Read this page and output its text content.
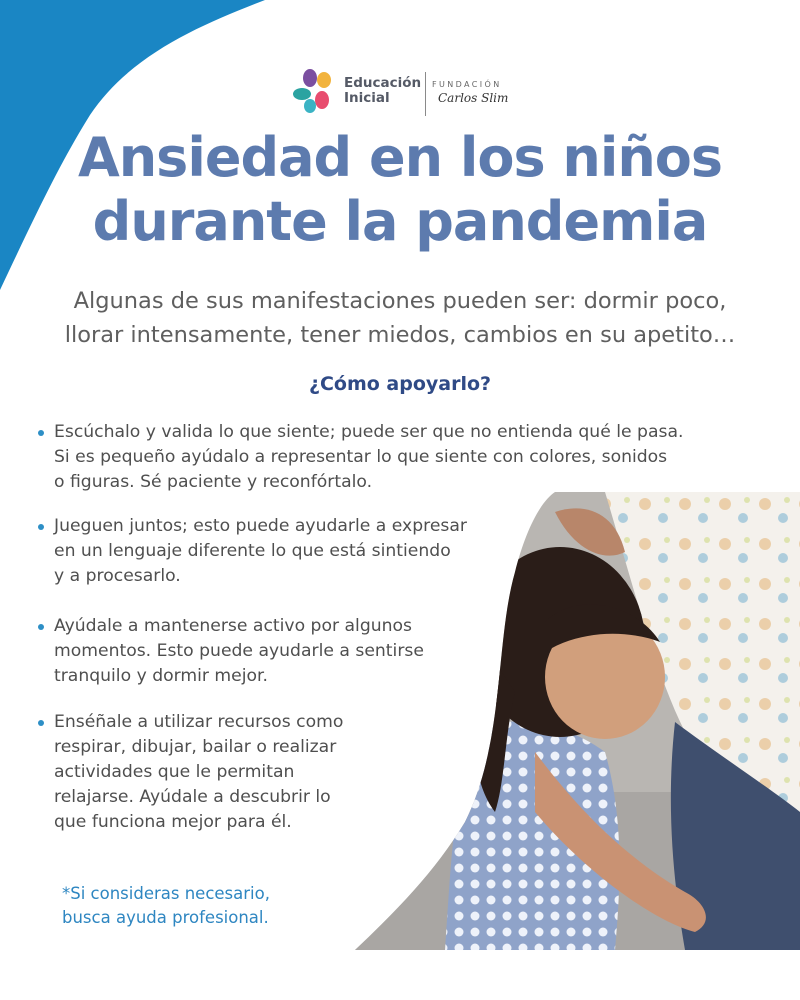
Educación
Inicial
FUNDACIÓN
Carlos Slim
Ansiedad en los niños
durante la pandemia
Algunas de sus manifestaciones pueden ser: dormir poco,
llorar intensamente, tener miedos, cambios en su apetito…
¿Cómo apoyarlo?
Escúchalo y valida lo que siente; puede ser que no entienda qué le pasa.
Si es pequeño ayúdalo a representar lo que siente con colores, sonidos
o figuras. Sé paciente y reconfórtalo.
Jueguen juntos; esto puede ayudarle a expresar
en un lenguaje diferente lo que está sintiendo
y a procesarlo.
Ayúdale a mantenerse activo por algunos
momentos. Esto puede ayudarle a sentirse
tranquilo y dormir mejor.
Enséñale a utilizar recursos como
respirar, dibujar, bailar o realizar
actividades que le permitan
relajarse. Ayúdale a descubrir lo
que funciona mejor para él.
*Si consideras necesario,
busca ayuda profesional.
